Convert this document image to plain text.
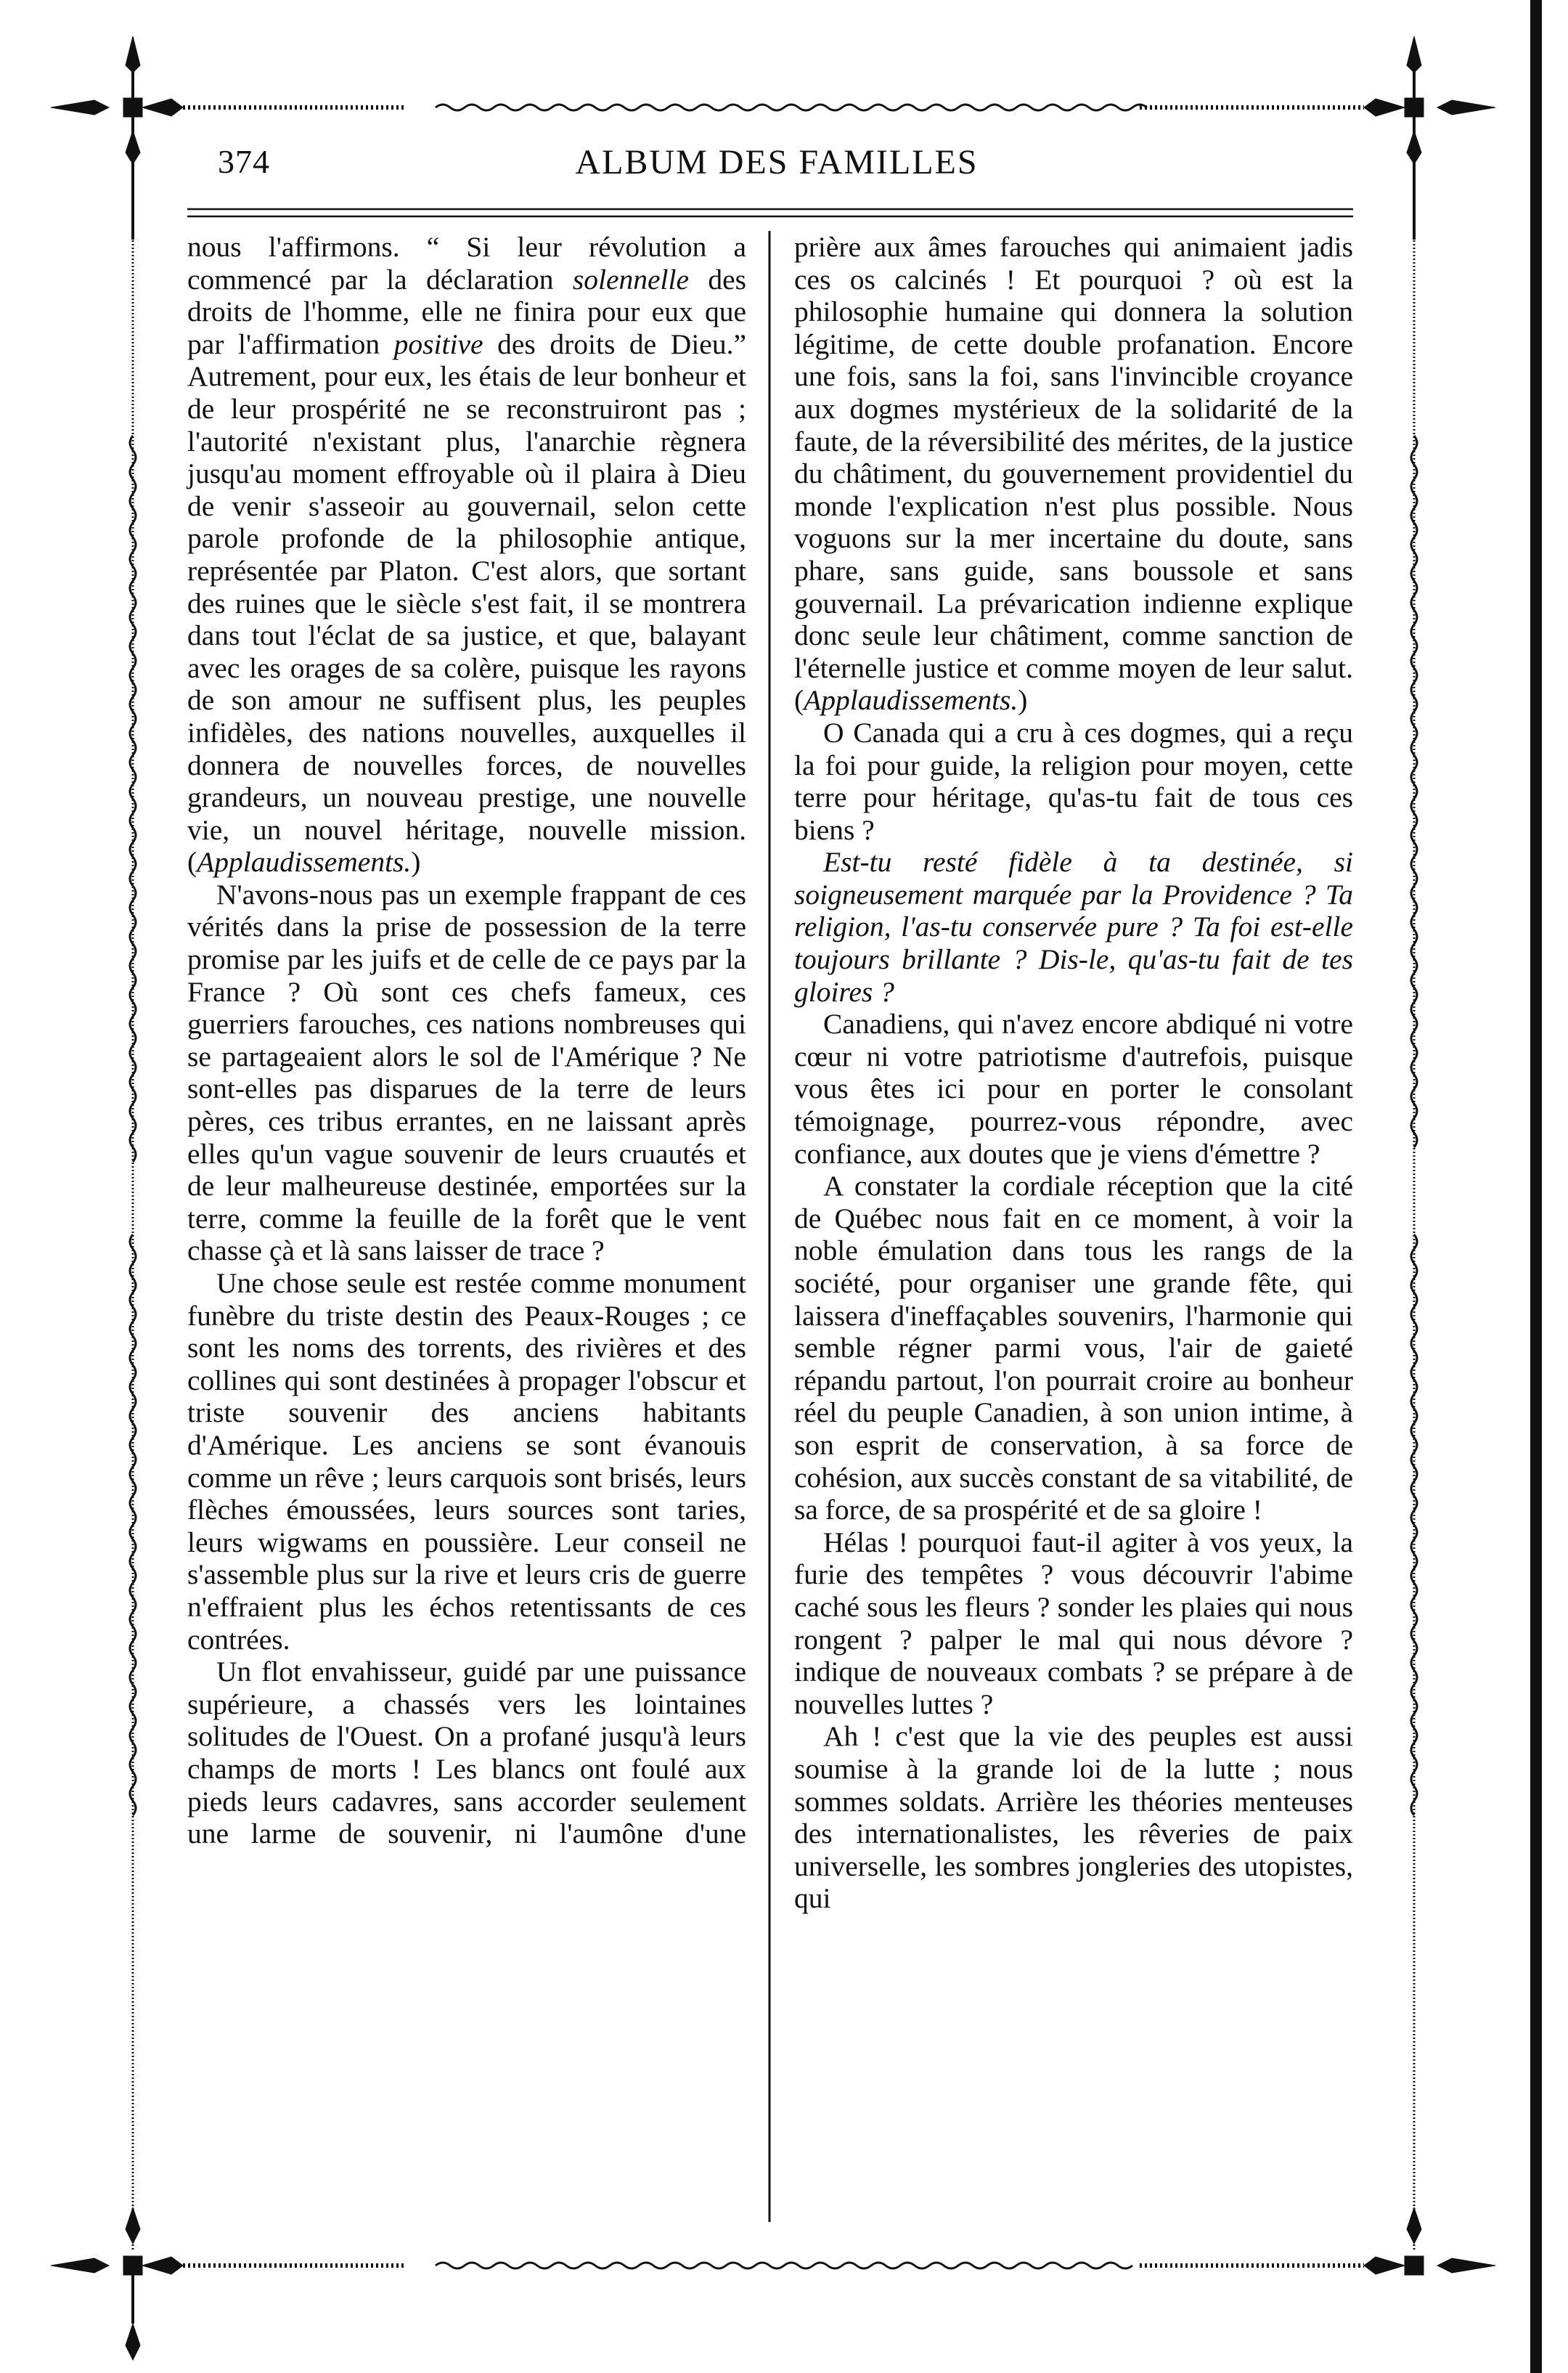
374	ALBUM DES FAMILLES

nous l'affirmons. “ Si leur révolution a commencé par la déclaration solennelle des droits de l'homme, elle ne finira pour eux que par l'affirmation positive des droits de Dieu.” Autrement, pour eux, les étais de leur bonheur et de leur prospérité ne se reconstruiront pas ; l'autorité n'existant plus, l'anarchie règnera jusqu'au moment effroyable où il plaira à Dieu de venir s'asseoir au gouvernail, selon cette parole profonde de la philosophie antique, représentée par Platon. C'est alors, que sortant des ruines que le siècle s'est fait, il se montrera dans tout l'éclat de sa justice, et que, balayant avec les orages de sa colère, puisque les rayons de son amour ne suffisent plus, les peuples infidèles, des nations nouvelles, auxquelles il donnera de nouvelles forces, de nouvelles grandeurs, un nouveau prestige, une nouvelle vie, un nouvel héritage, nouvelle mission. (Applaudissements.)

N'avons-nous pas un exemple frappant de ces vérités dans la prise de possession de la terre promise par les juifs et de celle de ce pays par la France ? Où sont ces chefs fameux, ces guerriers farouches, ces nations nombreuses qui se partageaient alors le sol de l'Amérique ? Ne sont-elles pas disparues de la terre de leurs pères, ces tribus errantes, en ne laissant après elles qu'un vague souvenir de leurs cruautés et de leur malheureuse destinée, emportées sur la terre, comme la feuille de la forêt que le vent chasse çà et là sans laisser de trace ?

Une chose seule est restée comme monument funèbre du triste destin des Peaux-Rouges ; ce sont les noms des torrents, des rivières et des collines qui sont destinées à propager l'obscur et triste souvenir des anciens habitants d'Amérique. Les anciens se sont évanouis comme un rêve ; leurs carquois sont brisés, leurs flèches émoussées, leurs sources sont taries, leurs wigwams en poussière. Leur conseil ne s'assemble plus sur la rive et leurs cris de guerre n'effraient plus les échos retentissants de ces contrées.

Un flot envahisseur, guidé par une puissance supérieure, a chassés vers les lointaines solitudes de l'Ouest. On a profané jusqu'à leurs champs de morts ! Les blancs ont foulé aux pieds leurs cadavres, sans accorder seulement une larme de souvenir, ni l'aumône d'une

prière aux âmes farouches qui animaient jadis ces os calcinés ! Et pourquoi ? où est la philosophie humaine qui donnera la solution légitime, de cette double profanation. Encore une fois, sans la foi, sans l'invincible croyance aux dogmes mystérieux de la solidarité de la faute, de la réversibilité des mérites, de la justice du châtiment, du gouvernement providentiel du monde l'explication n'est plus possible. Nous voguons sur la mer incertaine du doute, sans phare, sans guide, sans boussole et sans gouvernail. La prévarication indienne explique donc seule leur châtiment, comme sanction de l'éternelle justice et comme moyen de leur salut. (Applaudissements.)

O Canada qui a cru à ces dogmes, qui a reçu la foi pour guide, la religion pour moyen, cette terre pour héritage, qu'as-tu fait de tous ces biens ?

Est-tu resté fidèle à ta destinée, si soigneusement marquée par la Providence ? Ta religion, l'as-tu conservée pure ? Ta foi est-elle toujours brillante ? Dis-le, qu'as-tu fait de tes gloires ?

Canadiens, qui n'avez encore abdiqué ni votre cœur ni votre patriotisme d'autrefois, puisque vous êtes ici pour en porter le consolant témoignage, pourrez-vous répondre, avec confiance, aux doutes que je viens d'émettre ?

A constater la cordiale réception que la cité de Québec nous fait en ce moment, à voir la noble émulation dans tous les rangs de la société, pour organiser une grande fête, qui laissera d'ineffaçables souvenirs, l'harmonie qui semble régner parmi vous, l'air de gaieté répandu partout, l'on pourrait croire au bonheur réel du peuple Canadien, à son union intime, à son esprit de conservation, à sa force de cohésion, aux succès constant de sa vitabilité, de sa force, de sa prospérité et de sa gloire !

Hélas ! pourquoi faut-il agiter à vos yeux, la furie des tempêtes ? vous découvrir l'abime caché sous les fleurs ? sonder les plaies qui nous rongent ? palper le mal qui nous dévore ? indique de nouveaux combats ? se prépare à de nouvelles luttes ?

Ah ! c'est que la vie des peuples est aussi soumise à la grande loi de la lutte ; nous sommes soldats. Arrière les théories menteuses des internationalistes, les rêveries de paix universelle, les sombres jongleries des utopistes, qui
